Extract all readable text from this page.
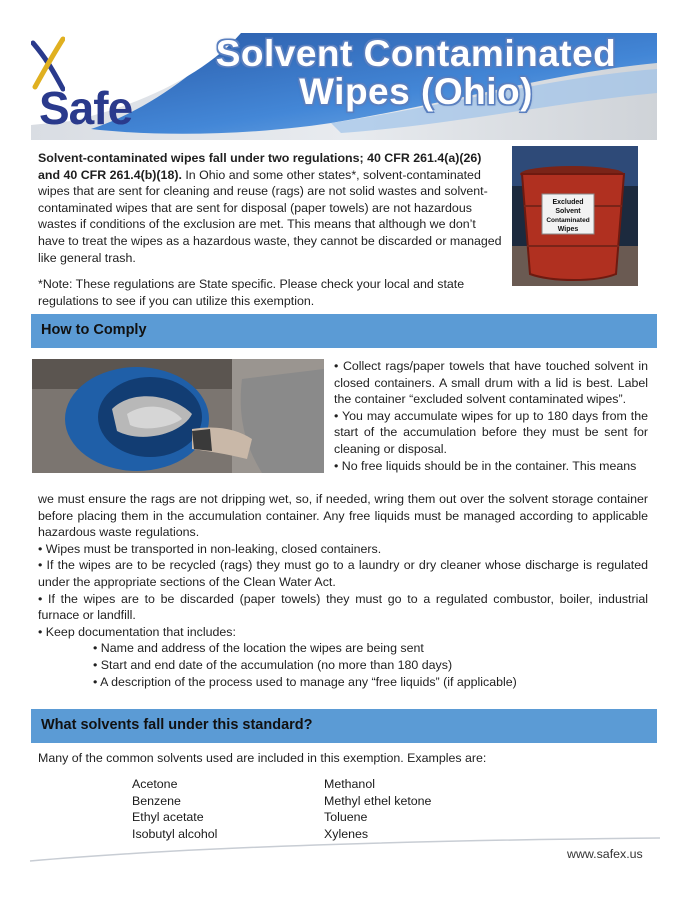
Safe
Solvent Contaminated
Wipes (Ohio)

Solvent-contaminated wipes fall under two regulations; 40 CFR 261.4(a)(26) and 40 CFR 261.4(b)(18). In Ohio and some other states*, solvent-contaminated wipes that are sent for cleaning and reuse (rags) are not solid wastes and solvent-contaminated wipes that are sent for disposal (paper towels) are not hazardous wastes if conditions of the exclusion are met. This means that although we don’t have to treat the wipes as a hazardous waste, they cannot be discarded or managed like general trash.

*Note: These regulations are State specific. Please check your local and state regulations to see if you can utilize this exemption.

Excluded
Solvent
Contaminated
Wipes
How to Comply

• Collect rags/paper towels that have touched solvent in closed containers. A small drum with a lid is best. Label the container “excluded solvent contaminated wipes”.

• You may accumulate wipes for up to 180 days from the start of the accumulation before they must be sent for cleaning or disposal.

• No free liquids should be in the container. This means

we must ensure the rags are not dripping wet, so, if needed, wring them out over the solvent storage container before placing them in the accumulation container. Any free liquids must be managed according to applicable hazardous waste regulations.

• Wipes must be transported in non-leaking, closed containers.

• If the wipes are to be recycled (rags) they must go to a laundry or dry cleaner whose discharge is regulated under the appropriate sections of the Clean Water Act.

• If the wipes are to be discarded (paper towels) they must go to a regulated combustor, boiler, industrial furnace or landfill.

• Keep documentation that includes:

• Name and address of the location the wipes are being sent

• Start and end date of the accumulation (no more than 180 days)

• A description of the process used to manage any “free liquids” (if applicable)

What solvents fall under this standard?

Many of the common solvents used are included in this exemption. Examples are:

Acetone
Benzene
Ethyl acetate
Isobutyl alcohol
Methanol
Methyl ethel ketone
Toluene
Xylenes
www.safex.us
